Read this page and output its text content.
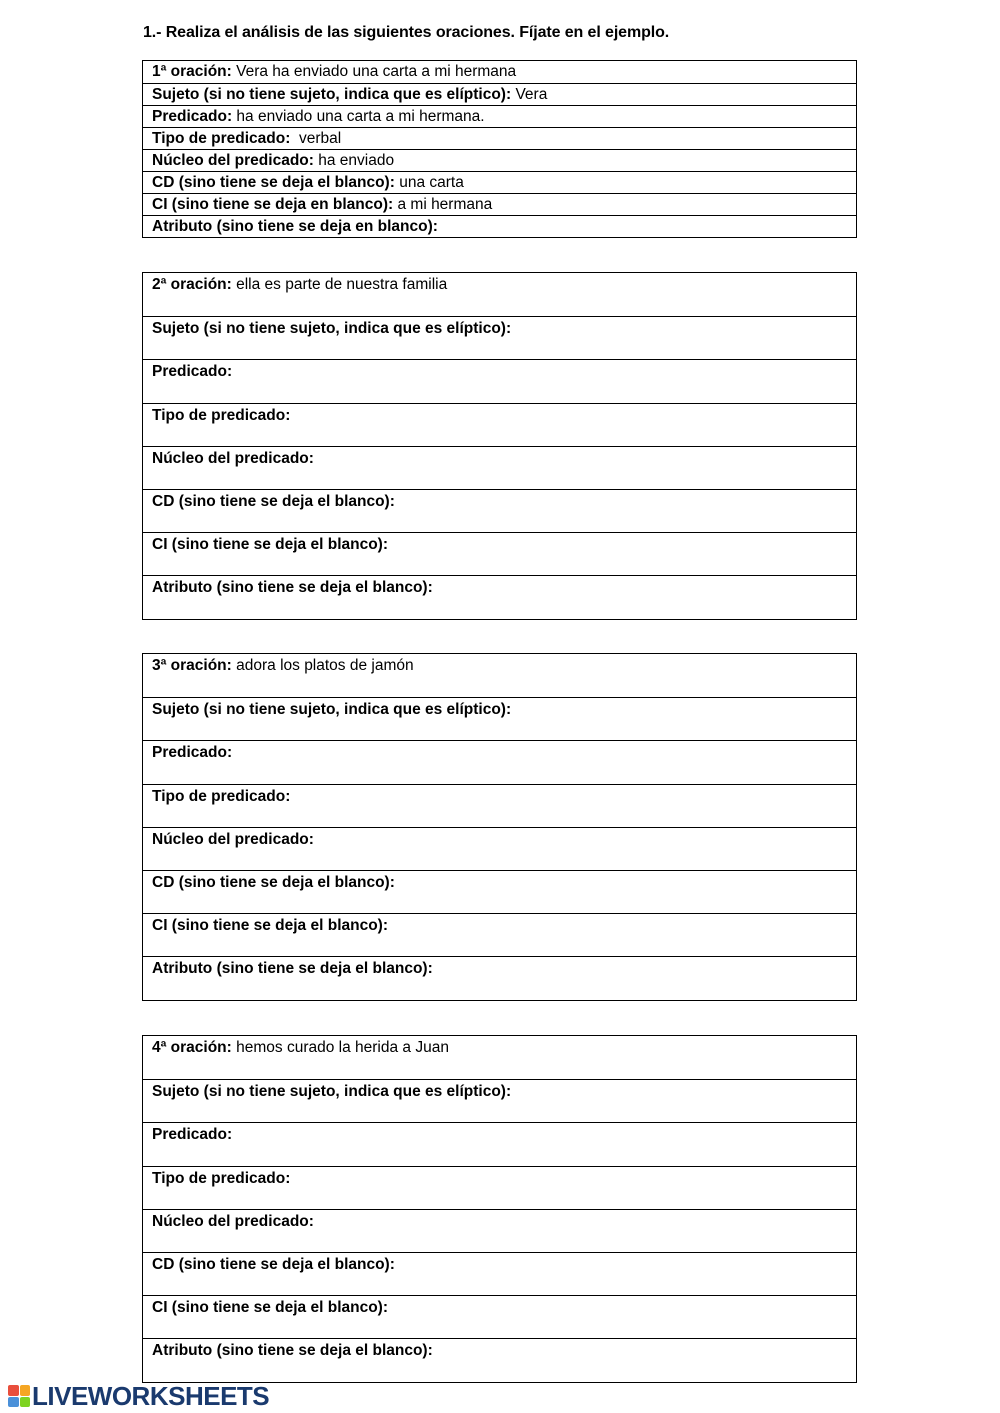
1.- Realiza el análisis de las siguientes oraciones. Fíjate en el ejemplo.
1ª oración: Vera ha enviado una carta a mi hermana
Sujeto (si no tiene sujeto, indica que es elíptico): Vera
Predicado: ha enviado una carta a mi hermana.
Tipo de predicado:  verbal
Núcleo del predicado: ha enviado
CD (sino tiene se deja el blanco): una carta
CI (sino tiene se deja en blanco): a mi hermana
Atributo (sino tiene se deja en blanco):
2ª oración: ella es parte de nuestra familia
Sujeto (si no tiene sujeto, indica que es elíptico):
Predicado:
Tipo de predicado:
Núcleo del predicado:
CD (sino tiene se deja el blanco):
CI (sino tiene se deja el blanco):
Atributo (sino tiene se deja el blanco):
3ª oración: adora los platos de jamón
Sujeto (si no tiene sujeto, indica que es elíptico):
Predicado:
Tipo de predicado:
Núcleo del predicado:
CD (sino tiene se deja el blanco):
CI (sino tiene se deja el blanco):
Atributo (sino tiene se deja el blanco):
4ª oración: hemos curado la herida a Juan
Sujeto (si no tiene sujeto, indica que es elíptico):
Predicado:
Tipo de predicado:
Núcleo del predicado:
CD (sino tiene se deja el blanco):
CI (sino tiene se deja el blanco):
Atributo (sino tiene se deja el blanco):
LIVEWORKSHEETS
